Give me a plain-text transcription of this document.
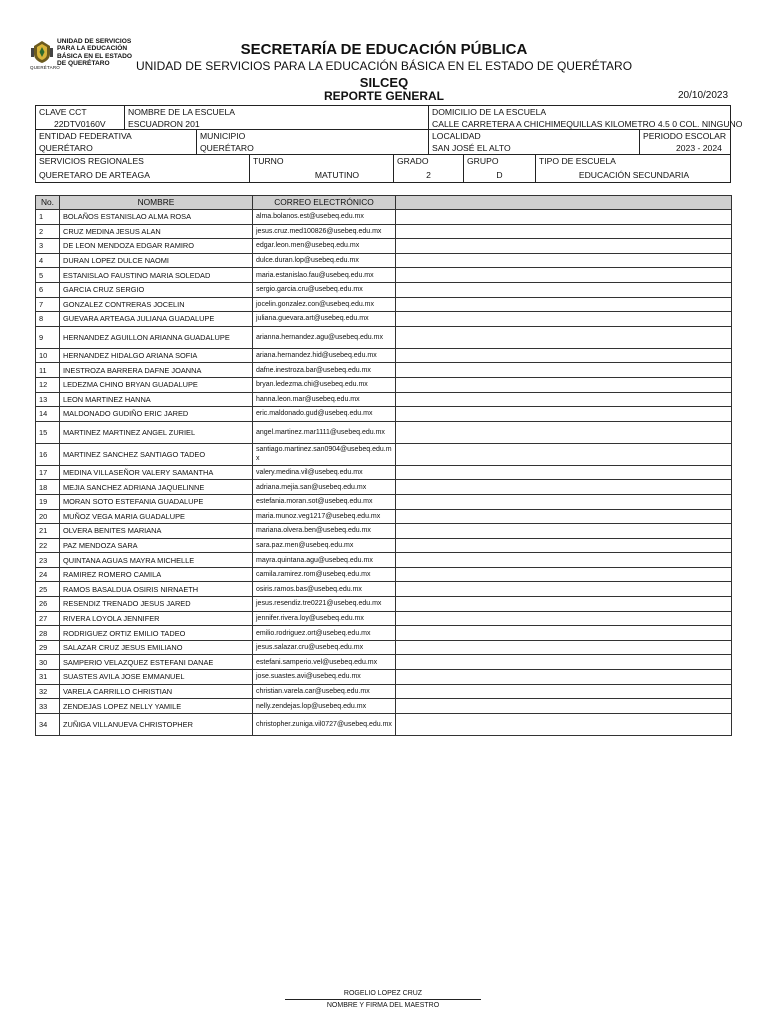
UNIDAD DE SERVICIOS
PARA LA EDUCACIÓN
BÁSICA EN EL ESTADO
DE QUERÉTARO
QUERÉTARO
SECRETARÍA DE EDUCACIÓN PÚBLICA
UNIDAD DE SERVICIOS PARA LA EDUCACIÓN BÁSICA EN EL ESTADO DE QUERÉTARO
SILCEQ
REPORTE GENERAL	20/10/2023
CLAVE CCT
22DTV0160V
NOMBRE DE LA ESCUELA
ESCUADRON 201
DOMICILIO DE LA ESCUELA
CALLE CARRETERA A CHICHIMEQUILLAS KILOMETRO 4.5 0 COL. NINGUNO
ENTIDAD FEDERATIVA
QUERÉTARO
MUNICIPIO
QUERÉTARO
LOCALIDAD
SAN JOSÉ EL ALTO
PERIODO ESCOLAR
2023 - 2024
SERVICIOS REGIONALES
QUERETARO DE ARTEAGA
TURNO
MATUTINO
GRADO
2
GRUPO
D
TIPO DE ESCUELA
EDUCACIÓN SECUNDARIA
No.	NOMBRE	CORREO ELECTRÓNICO	
1	BOLAÑOS ESTANISLAO ALMA ROSA	alma.bolanos.est@usebeq.edu.mx	
2	CRUZ MEDINA JESUS ALAN	jesus.cruz.med100826@usebeq.edu.mx	
3	DE LEON MENDOZA EDGAR RAMIRO	edgar.leon.men@usebeq.edu.mx	
4	DURAN LOPEZ DULCE NAOMI	dulce.duran.lop@usebeq.edu.mx	
5	ESTANISLAO FAUSTINO MARIA SOLEDAD	maria.estanislao.fau@usebeq.edu.mx	
6	GARCIA CRUZ SERGIO	sergio.garcia.cru@usebeq.edu.mx	
7	GONZALEZ CONTRERAS JOCELIN	jocelin.gonzalez.con@usebeq.edu.mx	
8	GUEVARA ARTEAGA JULIANA GUADALUPE	juliana.guevara.art@usebeq.edu.mx	
9	HERNANDEZ AGUILLON ARIANNA GUADALUPE	arianna.hernandez.agu@usebeq.edu.mx	
10	HERNANDEZ HIDALGO ARIANA SOFIA	ariana.hernandez.hid@usebeq.edu.mx	
11	INESTROZA BARRERA DAFNE JOANNA	dafne.inestroza.bar@usebeq.edu.mx	
12	LEDEZMA CHINO BRYAN GUADALUPE	bryan.ledezma.chi@usebeq.edu.mx	
13	LEON MARTINEZ HANNA	hanna.leon.mar@usebeq.edu.mx	
14	MALDONADO GUDIÑO ERIC JARED	eric.maldonado.gud@usebeq.edu.mx	
15	MARTINEZ MARTINEZ ANGEL ZURIEL	angel.martinez.mar1111@usebeq.edu.mx	
16	MARTINEZ SANCHEZ SANTIAGO TADEO	santiago.martinez.san0904@usebeq.edu.mx	
17	MEDINA VILLASEÑOR VALERY SAMANTHA	valery.medina.vil@usebeq.edu.mx	
18	MEJIA SANCHEZ ADRIANA JAQUELINNE	adriana.mejia.san@usebeq.edu.mx	
19	MORAN SOTO ESTEFANIA GUADALUPE	estefania.moran.sot@usebeq.edu.mx	
20	MUÑOZ VEGA MARIA GUADALUPE	maria.munoz.veg1217@usebeq.edu.mx	
21	OLVERA BENITES MARIANA	mariana.olvera.ben@usebeq.edu.mx	
22	PAZ MENDOZA SARA	sara.paz.men@usebeq.edu.mx	
23	QUINTANA AGUAS MAYRA MICHELLE	mayra.quintana.agu@usebeq.edu.mx	
24	RAMIREZ ROMERO CAMILA	camila.ramirez.rom@usebeq.edu.mx	
25	RAMOS BASALDUA OSIRIS NIRNAETH	osiris.ramos.bas@usebeq.edu.mx	
26	RESENDIZ TRENADO JESUS JARED	jesus.resendiz.tre0221@usebeq.edu.mx	
27	RIVERA LOYOLA JENNIFER	jennifer.rivera.loy@usebeq.edu.mx	
28	RODRIGUEZ ORTIZ EMILIO TADEO	emilio.rodriguez.ort@usebeq.edu.mx	
29	SALAZAR CRUZ JESUS EMILIANO	jesus.salazar.cru@usebeq.edu.mx	
30	SAMPERIO VELAZQUEZ ESTEFANI DANAE	estefani.samperio.vel@usebeq.edu.mx	
31	SUASTES AVILA JOSE EMMANUEL	jose.suastes.avi@usebeq.edu.mx	
32	VARELA CARRILLO CHRISTIAN	christian.varela.car@usebeq.edu.mx	
33	ZENDEJAS LOPEZ NELLY YAMILE	nelly.zendejas.lop@usebeq.edu.mx	
34	ZUÑIGA VILLANUEVA CHRISTOPHER	christopher.zuniga.vil0727@usebeq.edu.mx	
ROGELIO LOPEZ CRUZ
NOMBRE Y FIRMA DEL MAESTRO
